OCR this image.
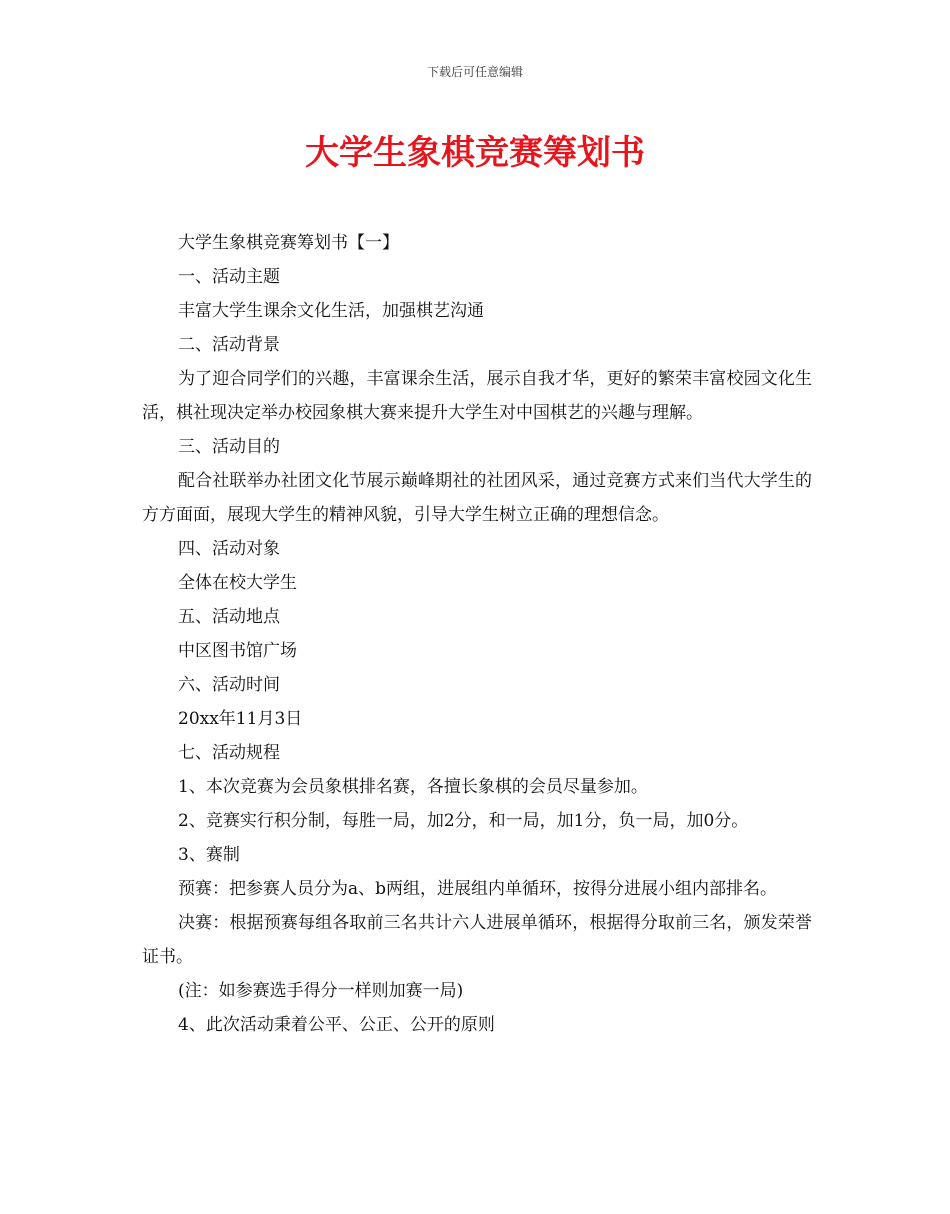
下载后可任意编辑
大学生象棋竞赛筹划书

大学生象棋竞赛筹划书【一】

一、活动主题

丰富大学生课余文化生活，加强棋艺沟通

二、活动背景

为了迎合同学们的兴趣，丰富课余生活，展示自我才华，更好的繁荣丰富校园文化生活，棋社现决定举办校园象棋大赛来提升大学生对中国棋艺的兴趣与理解。

三、活动目的

配合社联举办社团文化节展示巅峰期社的社团风采，通过竞赛方式来们当代大学生的方方面面，展现大学生的精神风貌，引导大学生树立正确的理想信念。

四、活动对象

全体在校大学生

五、活动地点

中区图书馆广场

六、活动时间

20xx年11月3日

七、活动规程

1、本次竞赛为会员象棋排名赛，各擅长象棋的会员尽量参加。

2、竞赛实行积分制，每胜一局，加2分，和一局，加1分，负一局，加0分。

3、赛制

预赛：把参赛人员分为a、b两组，进展组内单循环，按得分进展小组内部排名。

决赛：根据预赛每组各取前三名共计六人进展单循环，根据得分取前三名，颁发荣誉证书。

(注：如参赛选手得分一样则加赛一局)

4、此次活动秉着公平、公正、公开的原则
